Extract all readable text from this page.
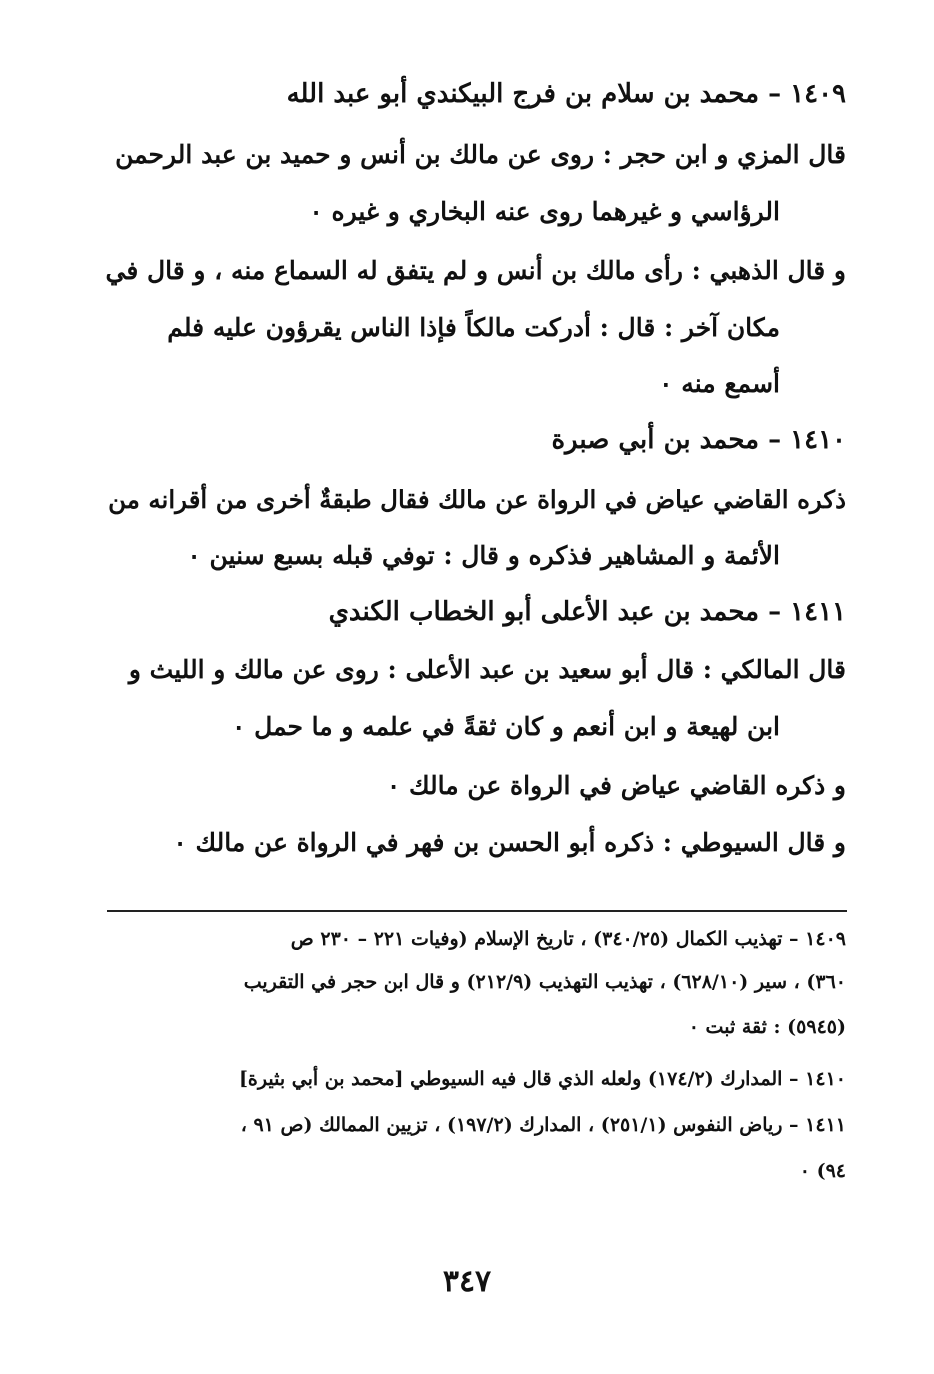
١٤٠٩ – محمد بن سلام بن فرج البيكندي أبو عبد الله
قال المزي و ابن حجر : روى عن مالك بن أنس و حميد بن عبد الرحمن
الرؤاسي و غيرهما روى عنه البخاري و غيره ٠
و قال الذهبي : رأى مالك بن أنس و لم يتفق له السماع منه ، و قال في
مكان آخر : قال : أدركت مالكاً فإذا الناس يقرؤون عليه فلم
أسمع منه ٠
١٤١٠ – محمد بن أبي صبرة
ذكره القاضي عياض في الرواة عن مالك فقال طبقةٌ أخرى من أقرانه من
الأئمة و المشاهير فذكره و قال : توفي قبله بسبع سنين ٠
١٤١١ – محمد بن عبد الأعلى أبو الخطاب الكندي
قال المالكي : قال أبو سعيد بن عبد الأعلى : روى عن مالك و الليث و
ابن لهيعة و ابن أنعم و كان ثقةً في علمه و ما حمل ٠
و ذكره القاضي عياض في الرواة عن مالك ٠
و قال السيوطي : ذكره أبو الحسن بن فهر في الرواة عن مالك ٠
١٤٠٩ – تهذيب الكمال (٣٤٠/٢٥) ، تاريخ الإسلام (وفيات ٢٢١ – ٢٣٠ ص
٣٦٠) ، سير (٦٢٨/١٠) ، تهذيب التهذيب (٢١٢/٩) و قال ابن حجر في التقريب
(٥٩٤٥) : ثقة ثبت ٠
١٤١٠ – المدارك (١٧٤/٢) ولعله الذي قال فيه السيوطي [محمد بن أبي بثيرة]
١٤١١ – رياض النفوس (٢٥١/١) ، المدارك (١٩٧/٢) ، تزيين الممالك (ص ٩١ ،
٩٤) ٠
٣٤٧
